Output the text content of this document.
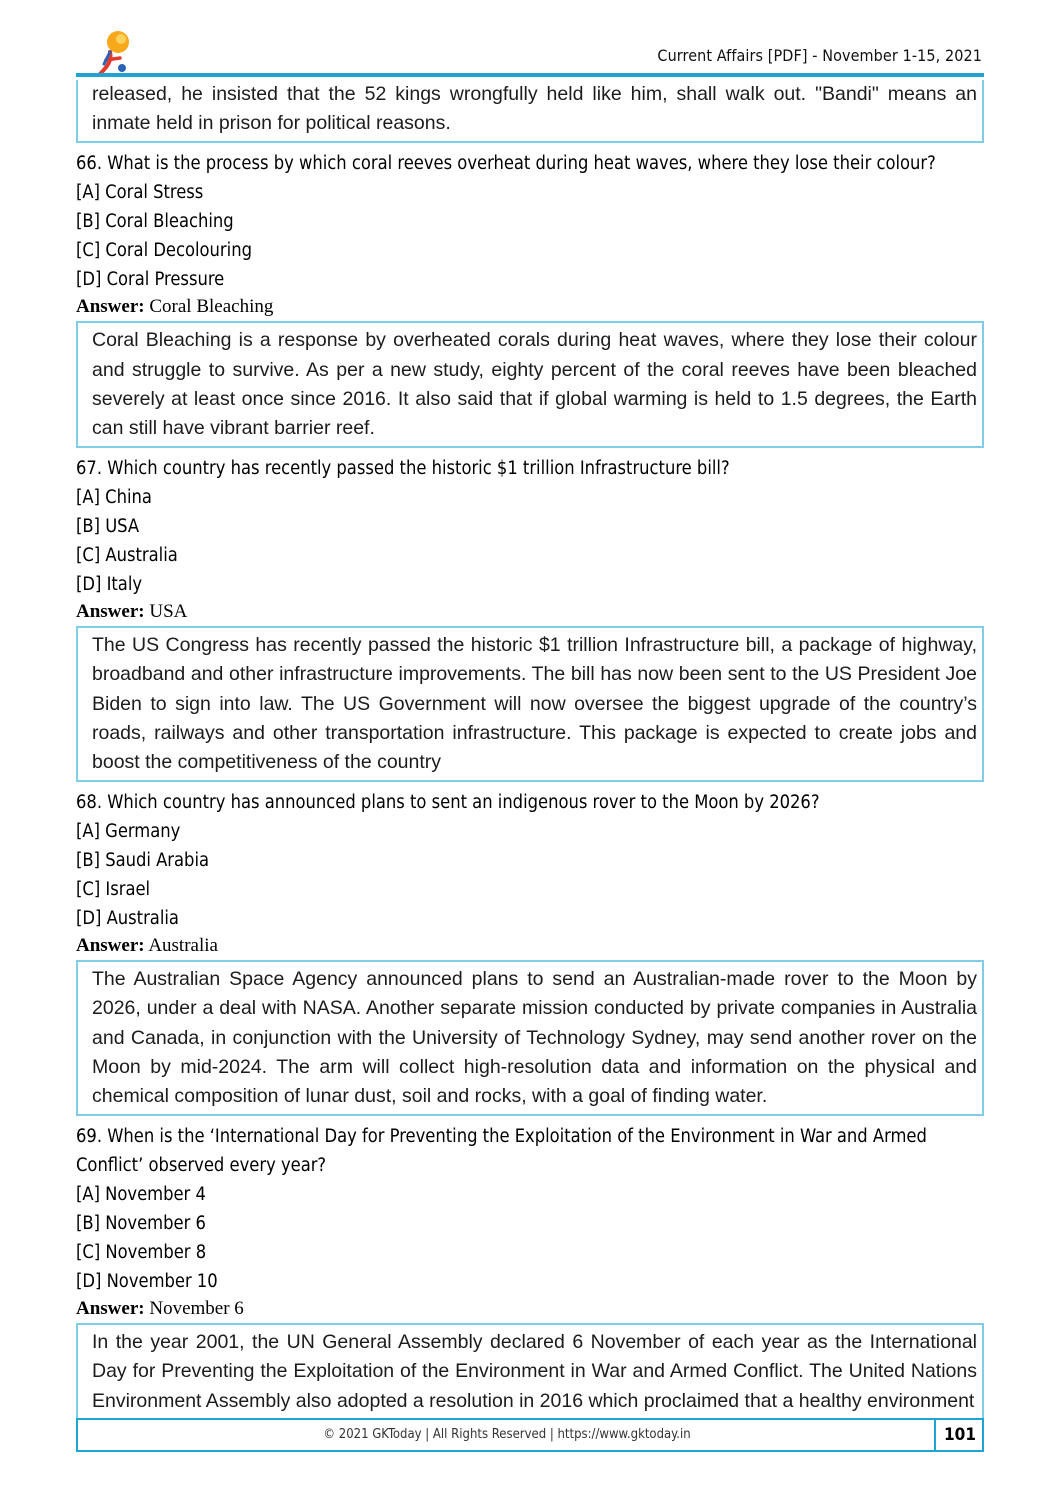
Current Affairs [PDF] - November 1-15, 2021
released, he insisted that the 52 kings wrongfully held like him, shall walk out. "Bandi" means an inmate held in prison for political reasons.

66. What is the process by which coral reeves overheat during heat waves, where they lose their colour?

[A] Coral Stress

[B] Coral Bleaching

[C] Coral Decolouring

[D] Coral Pressure

Answer: Coral Bleaching

Coral Bleaching is a response by overheated corals during heat waves, where they lose their colour and struggle to survive. As per a new study, eighty percent of the coral reeves have been bleached severely at least once since 2016. It also said that if global warming is held to 1.5 degrees, the Earth can still have vibrant barrier reef.

67. Which country has recently passed the historic $1 trillion Infrastructure bill?

[A] China

[B] USA

[C] Australia

[D] Italy

Answer: USA

The US Congress has recently passed the historic $1 trillion Infrastructure bill, a package of highway, broadband and other infrastructure improvements. The bill has now been sent to the US President Joe Biden to sign into law. The US Government will now oversee the biggest upgrade of the country’s roads, railways and other transportation infrastructure. This package is expected to create jobs and boost the competitiveness of the country

68. Which country has announced plans to sent an indigenous rover to the Moon by 2026?

[A] Germany

[B] Saudi Arabia

[C] Israel

[D] Australia

Answer: Australia

The Australian Space Agency announced plans to send an Australian-made rover to the Moon by 2026, under a deal with NASA. Another separate mission conducted by private companies in Australia and Canada, in conjunction with the University of Technology Sydney, may send another rover on the Moon by mid-2024. The arm will collect high-resolution data and information on the physical and chemical composition of lunar dust, soil and rocks, with a goal of finding water.

69. When is the ‘International Day for Preventing the Exploitation of the Environment in War and Armed Conflict’ observed every year?

[A] November 4

[B] November 6

[C] November 8

[D] November 10

Answer: November 6

In the year 2001, the UN General Assembly declared 6 November of each year as the International Day for Preventing the Exploitation of the Environment in War and Armed Conflict. The United Nations Environment Assembly also adopted a resolution in 2016 which proclaimed that a healthy environment
© 2021 GKToday | All Rights Reserved | https://www.gktoday.in	101
